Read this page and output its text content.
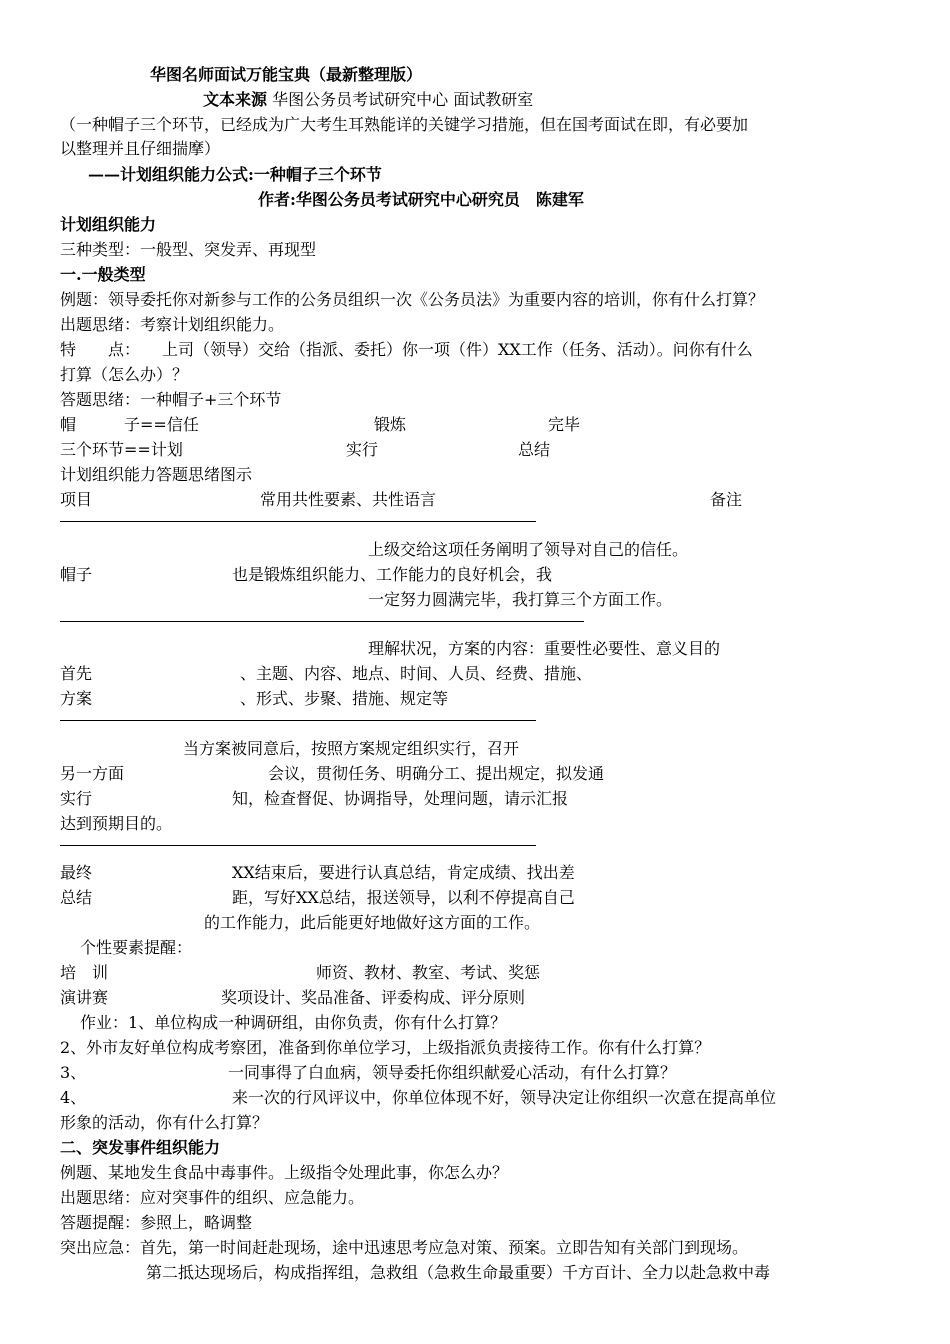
华图名师面试万能宝典（最新整理版）
文本来源 华图公务员考试研究中心 面试教研室
（一种帽子三个环节，已经成为广大考生耳熟能详的关键学习措施，但在国考面试在即，有必要加
以整理并且仔细揣摩）
——计划组织能力公式:一种帽子三个环节
作者:华图公务员考试研究中心研究员　陈建军
计划组织能力
三种类型：一般型、突发弄、再现型
一.一般类型
例题：领导委托你对新参与工作的公务员组织一次《公务员法》为重要内容的培训，你有什么打算？
出题思绪：考察计划组织能力。
特　　点： 上司（领导）交给（指派、委托）你一项（件）XX工作（任务、活动）。问你有什么
打算（怎么办）？
答题思绪：一种帽子+三个环节
帽　　　子==信任	锻炼	完毕
三个环节==计划	实行	总结
计划组织能力答题思绪图示
项目	常用共性要素、共性语言	备注
上级交给这项任务阐明了领导对自己的信任。
帽子	也是锻炼组织能力、工作能力的良好机会，我
一定努力圆满完毕，我打算三个方面工作。
理解状况，方案的内容：重要性必要性、意义目的
首先	、主题、内容、地点、时间、人员、经费、措施、
方案	、形式、步聚、措施、规定等
当方案被同意后，按照方案规定组织实行，召开
另一方面	会议，贯彻任务、明确分工、提出规定，拟发通
实行	知，检查督促、协调指导，处理问题，请示汇报
达到预期目的。
最终	XX结束后，要进行认真总结，肯定成绩、找出差
总结	距，写好XX总结，报送领导，以利不停提高自己
的工作能力，此后能更好地做好这方面的工作。
个性要素提醒：
培　训	师资、教材、教室、考试、奖惩
演讲赛	奖项设计、奖品准备、评委构成、评分原则
作业：1、单位构成一种调研组，由你负责，你有什么打算？
2、外市友好单位构成考察团，准备到你单位学习，上级指派负责接待工作。你有什么打算？
3、	一同事得了白血病，领导委托你组织献爱心活动，有什么打算？
4、	来一次的行风评议中，你单位体现不好，领导决定让你组织一次意在提高单位
形象的活动，你有什么打算？
二、突发事件组织能力
例题、某地发生食品中毒事件。上级指令处理此事，你怎么办？
出题思绪：应对突事件的组织、应急能力。
答题提醒：参照上，略调整
突出应急：首先，第一时间赶赴现场，途中迅速思考应急对策、预案。立即告知有关部门到现场。
第二抵达现场后，构成指挥组，急救组（急救生命最重要）千方百计、全力以赴急救中毒
